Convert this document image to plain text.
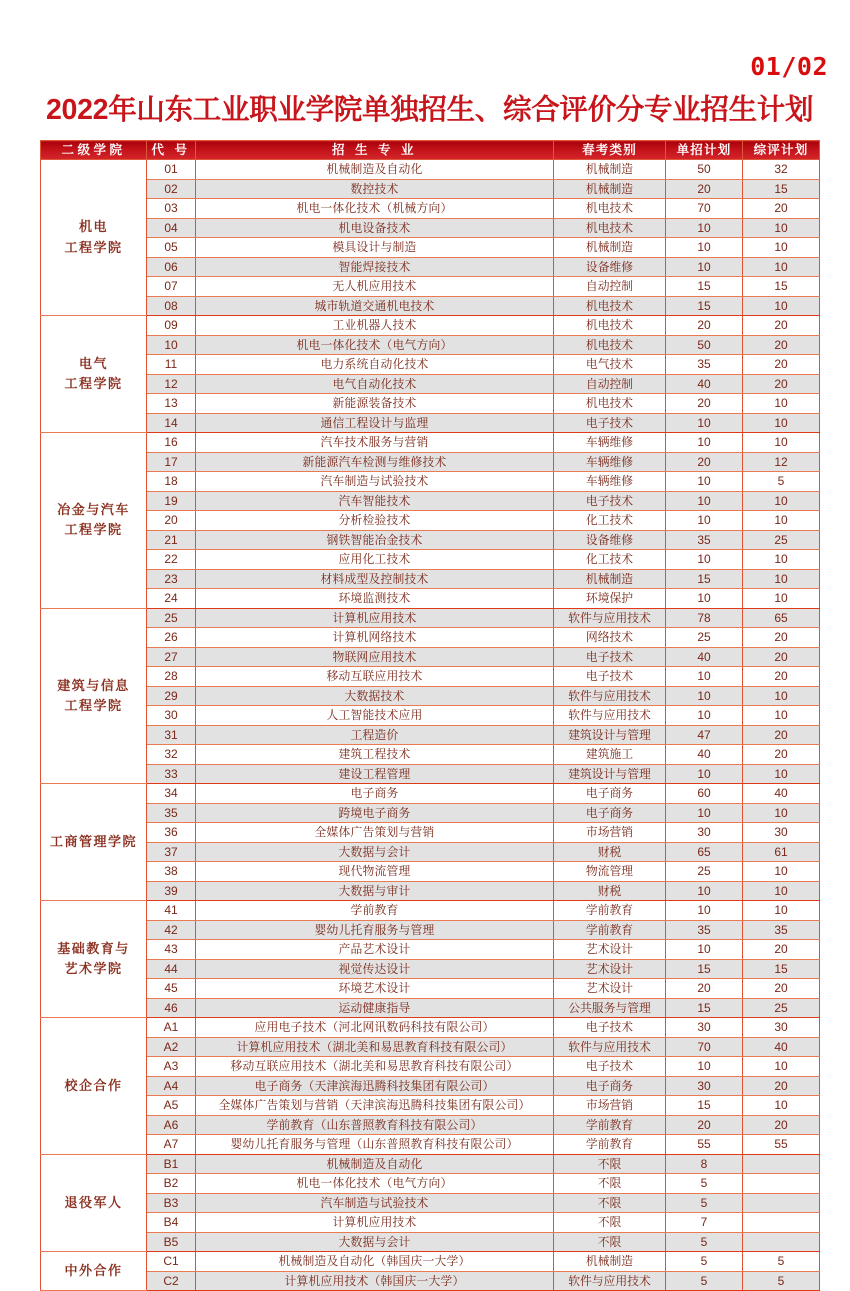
01/02
2022年山东工业职业学院单独招生、综合评价分专业招生计划
二级学院	代 号	招 生 专 业	春考类别	单招计划	综评计划

机电
工程学院	01	机械制造及自动化	机械制造	50	32
	02	数控技术	机械制造	20	15
	03	机电一体化技术（机械方向）	机电技术	70	20
	04	机电设备技术	机电技术	10	10
	05	模具设计与制造	机械制造	10	10
	06	智能焊接技术	设备维修	10	10
	07	无人机应用技术	自动控制	15	15
	08	城市轨道交通机电技术	机电技术	15	10

电气
工程学院	09	工业机器人技术	机电技术	20	20
	10	机电一体化技术（电气方向）	机电技术	50	20
	11	电力系统自动化技术	电气技术	35	20
	12	电气自动化技术	自动控制	40	20
	13	新能源装备技术	机电技术	20	10
	14	通信工程设计与监理	电子技术	10	10

冶金与汽车
工程学院	16	汽车技术服务与营销	车辆维修	10	10
	17	新能源汽车检测与维修技术	车辆维修	20	12
	18	汽车制造与试验技术	车辆维修	10	5
	19	汽车智能技术	电子技术	10	10
	20	分析检验技术	化工技术	10	10
	21	钢铁智能冶金技术	设备维修	35	25
	22	应用化工技术	化工技术	10	10
	23	材料成型及控制技术	机械制造	15	10
	24	环境监测技术	环境保护	10	10

建筑与信息
工程学院	25	计算机应用技术	软件与应用技术	78	65
	26	计算机网络技术	网络技术	25	20
	27	物联网应用技术	电子技术	40	20
	28	移动互联应用技术	电子技术	10	20
	29	大数据技术	软件与应用技术	10	10
	30	人工智能技术应用	软件与应用技术	10	10
	31	工程造价	建筑设计与管理	47	20
	32	建筑工程技术	建筑施工	40	20
	33	建设工程管理	建筑设计与管理	10	10

工商管理学院	34	电子商务	电子商务	60	40
	35	跨境电子商务	电子商务	10	10
	36	全媒体广告策划与营销	市场营销	30	30
	37	大数据与会计	财税	65	61
	38	现代物流管理	物流管理	25	10
	39	大数据与审计	财税	10	10

基础教育与
艺术学院	41	学前教育	学前教育	10	10
	42	婴幼儿托育服务与管理	学前教育	35	35
	43	产品艺术设计	艺术设计	10	20
	44	视觉传达设计	艺术设计	15	15
	45	环境艺术设计	艺术设计	20	20
	46	运动健康指导	公共服务与管理	15	25

校企合作	A1	应用电子技术（河北网讯数码科技有限公司）	电子技术	30	30
	A2	计算机应用技术（湖北美和易思教育科技有限公司）	软件与应用技术	70	40
	A3	移动互联应用技术（湖北美和易思教育科技有限公司）	电子技术	10	10
	A4	电子商务（天津滨海迅腾科技集团有限公司）	电子商务	30	20
	A5	全媒体广告策划与营销（天津滨海迅腾科技集团有限公司）	市场营销	15	10
	A6	学前教育（山东普照教育科技有限公司）	学前教育	20	20
	A7	婴幼儿托育服务与管理（山东普照教育科技有限公司）	学前教育	55	55

退役军人	B1	机械制造及自动化	不限	8	
	B2	机电一体化技术（电气方向）	不限	5	
	B3	汽车制造与试验技术	不限	5	
	B4	计算机应用技术	不限	7	
	B5	大数据与会计	不限	5	

中外合作	C1	机械制造及自动化（韩国庆一大学）	机械制造	5	5
	C2	计算机应用技术（韩国庆一大学）	软件与应用技术	5	5
